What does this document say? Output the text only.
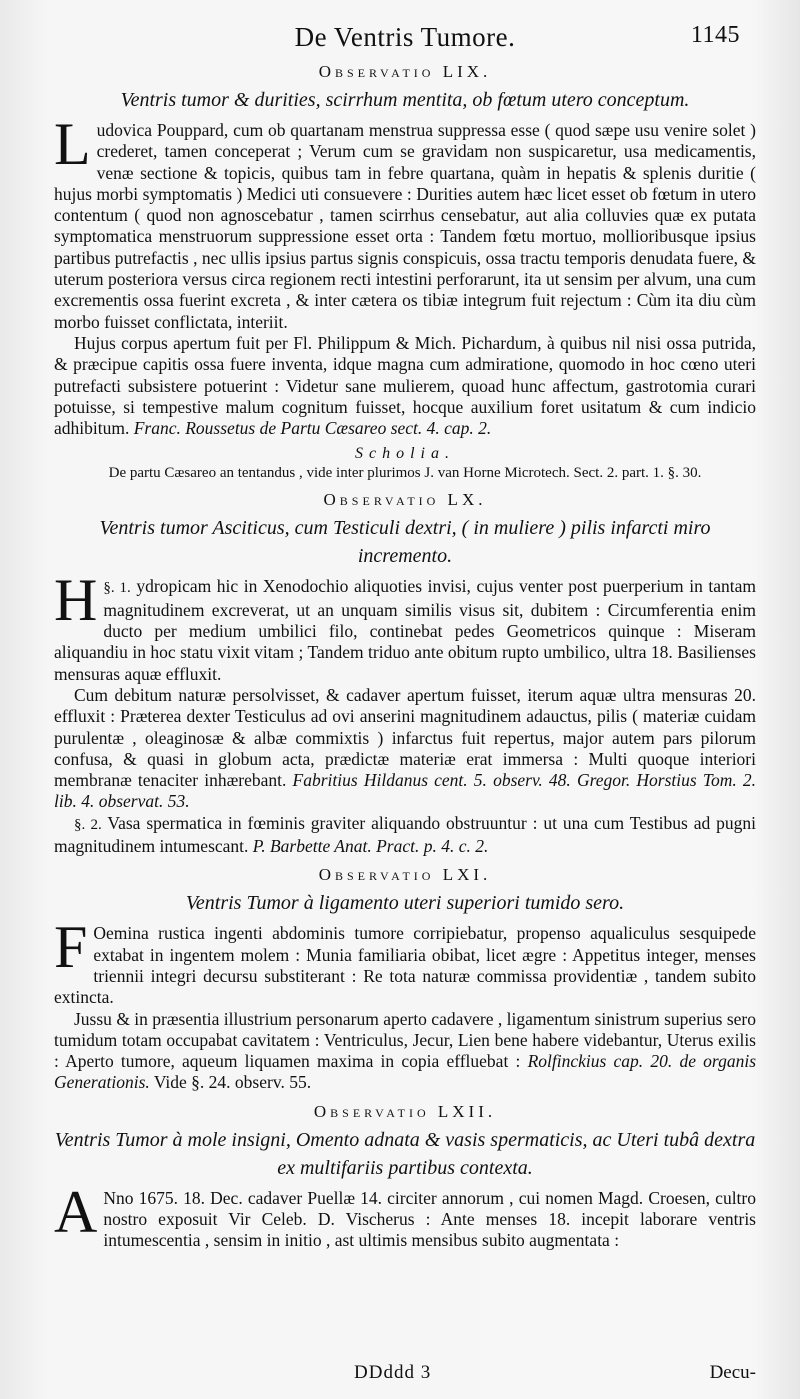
De Ventris Tumore.	1145
Observatio LIX.
Ventris tumor & durities, scirrhum mentita, ob fœtum utero conceptum.

Ludovica Pouppard, cum ob quartanam menstrua suppressa esse ( quod sæpe usu venire solet ) crederet, tamen conceperat ; Verum cum se gravidam non suspicaretur, usa medicamentis, venæ sectione & topicis, quibus tam in febre quartana, quàm in hepatis & splenis duritie ( hujus morbi symptomatis ) Medici uti consuevere : Durities autem hæc licet esset ob fœtum in utero contentum ( quod non agnoscebatur , tamen scirrhus censebatur, aut alia colluvies quæ ex putata symptomatica menstruorum suppressione esset orta : Tandem fœtu mortuo, mollioribusque ipsius partibus putrefactis , nec ullis ipsius partus signis conspicuis, ossa tractu temporis denudata fuere, & uterum posteriora versus circa regionem recti intestini perforarunt, ita ut sensim per alvum, una cum excrementis ossa fuerint excreta , & inter cætera os tibiæ integrum fuit rejectum : Cùm ita diu cùm morbo fuisset conflictata, interiit.

Hujus corpus apertum fuit per Fl. Philippum & Mich. Pichardum, à quibus nil nisi ossa putrida, & præcipue capitis ossa fuere inventa, idque magna cum admiratione, quomodo in hoc cœno uteri putrefacti subsistere potuerint : Videtur sane mulierem, quoad hunc affectum, gastrotomia curari potuisse, si tempestive malum cognitum fuisset, hocque auxilium foret usitatum & cum indicio adhibitum. Franc. Roussetus de Partu Cæsareo sect. 4. cap. 2.

Scholia.
De partu Cæsareo an tentandus , vide inter plurimos J. van Horne Microtech. Sect. 2. part. 1. §. 30.
Observatio LX.
Ventris tumor Asciticus, cum Testiculi dextri, ( in muliere ) pilis infarcti miro incremento.

§. 1.
H	ydropicam hic in Xenodochio aliquoties invisi, cujus venter post puerperium in tantam magnitudinem excreverat, ut an unquam similis visus sit, dubitem : Circumferentia enim ducto per medium umbilici filo, continebat pedes Geometricos quinque : Miseram aliquandiu in hoc statu vixit vitam ; Tandem triduo ante obitum rupto umbilico, ultra 18. Basilienses mensuras aquæ effluxit.

Cum debitum naturæ persolvisset, & cadaver apertum fuisset, iterum aquæ ultra mensuras 20. effluxit : Præterea dexter Testiculus ad ovi anserini magnitudinem adauctus, pilis ( materiæ cuidam purulentæ , oleaginosæ & albæ commixtis ) infarctus fuit repertus, major autem pars pilorum confusa, & quasi in globum acta, prædictæ materiæ erat immersa : Multi quoque interiori membranæ tenaciter inhærebant. Fabritius Hildanus cent. 5. observ. 48. Gregor. Horstius Tom. 2. lib. 4. observat. 53.

§. 2. Vasa spermatica in fœminis graviter aliquando obstruuntur : ut una cum Testibus ad pugni magnitudinem intumescant. P. Barbette Anat. Pract. p. 4. c. 2.

Observatio LXI.
Ventris Tumor à ligamento uteri superiori tumido sero.

F Oemina rustica ingenti abdominis tumore corripiebatur, propenso aqualiculus sesquipede extabat in ingentem molem : Munia familiaria obibat, licet ægre : Appetitus integer, menses triennii integri decursu substiterant : Re tota naturæ commissa providentiæ , tandem subito extincta.

Jussu & in præsentia illustrium personarum aperto cadavere , ligamentum sinistrum superius sero tumidum totam occupabat cavitatem : Ventriculus, Jecur, Lien bene habere videbantur, Uterus exilis : Aperto tumore, aqueum liquamen maxima in copia effluebat : Rolfinckius cap. 20. de organis Generationis. Vide §. 24. observ. 55.

Observatio LXII.
Ventris Tumor à mole insigni, Omento adnata & vasis spermaticis, ac Uteri tubâ dextra ex multifariis partibus contexta.

A Nno 1675. 18. Dec. cadaver Puellæ 14. circiter annorum , cui nomen Magd. Croesen, cultro nostro exposuit Vir Celeb. D. Vischerus : Ante menses 18. incepit laborare ventris intumescentia , sensim in initio , ast ultimis mensibus subito augmentata :

DDddd 3	Decu-
